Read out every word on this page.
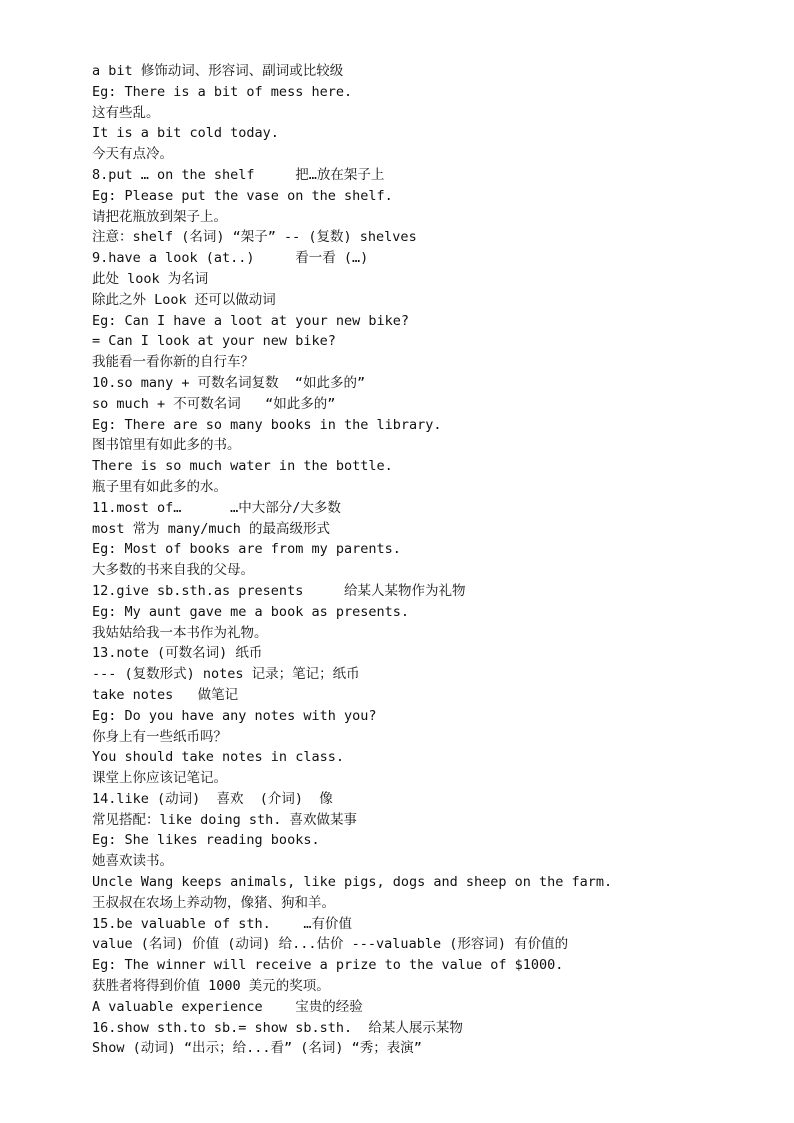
a bit 修饰动词、形容词、副词或比较级
Eg: There is a bit of mess here.
这有些乱。
It is a bit cold today.
今天有点冷。
8.put … on the shelf     把…放在架子上
Eg: Please put the vase on the shelf.
请把花瓶放到架子上。
注意：shelf (名词) “架子” -- (复数) shelves
9.have a look (at..)     看一看 (…)
此处 look 为名词
除此之外 Look 还可以做动词
Eg: Can I have a loot at your new bike?
= Can I look at your new bike?
我能看一看你新的自行车？
10.so many + 可数名词复数  “如此多的”
so much + 不可数名词   “如此多的”
Eg: There are so many books in the library.
图书馆里有如此多的书。
There is so much water in the bottle.
瓶子里有如此多的水。
11.most of…      …中大部分/大多数
most 常为 many/much 的最高级形式
Eg: Most of books are from my parents.
大多数的书来自我的父母。
12.give sb.sth.as presents     给某人某物作为礼物
Eg: My aunt gave me a book as presents.
我姑姑给我一本书作为礼物。
13.note (可数名词) 纸币
--- (复数形式) notes 记录；笔记；纸币
take notes   做笔记
Eg: Do you have any notes with you?
你身上有一些纸币吗？
You should take notes in class.
课堂上你应该记笔记。
14.like (动词)  喜欢  (介词)  像
常见搭配：like doing sth. 喜欢做某事
Eg: She likes reading books.
她喜欢读书。
Uncle Wang keeps animals, like pigs, dogs and sheep on the farm.
王叔叔在农场上养动物，像猪、狗和羊。
15.be valuable of sth.    …有价值
value (名词) 价值 (动词) 给...估价 ---valuable (形容词) 有价值的
Eg: The winner will receive a prize to the value of $1000.
获胜者将得到价值 1000 美元的奖项。
A valuable experience    宝贵的经验
16.show sth.to sb.= show sb.sth.  给某人展示某物
Show (动词) “出示；给...看” (名词) “秀；表演”
